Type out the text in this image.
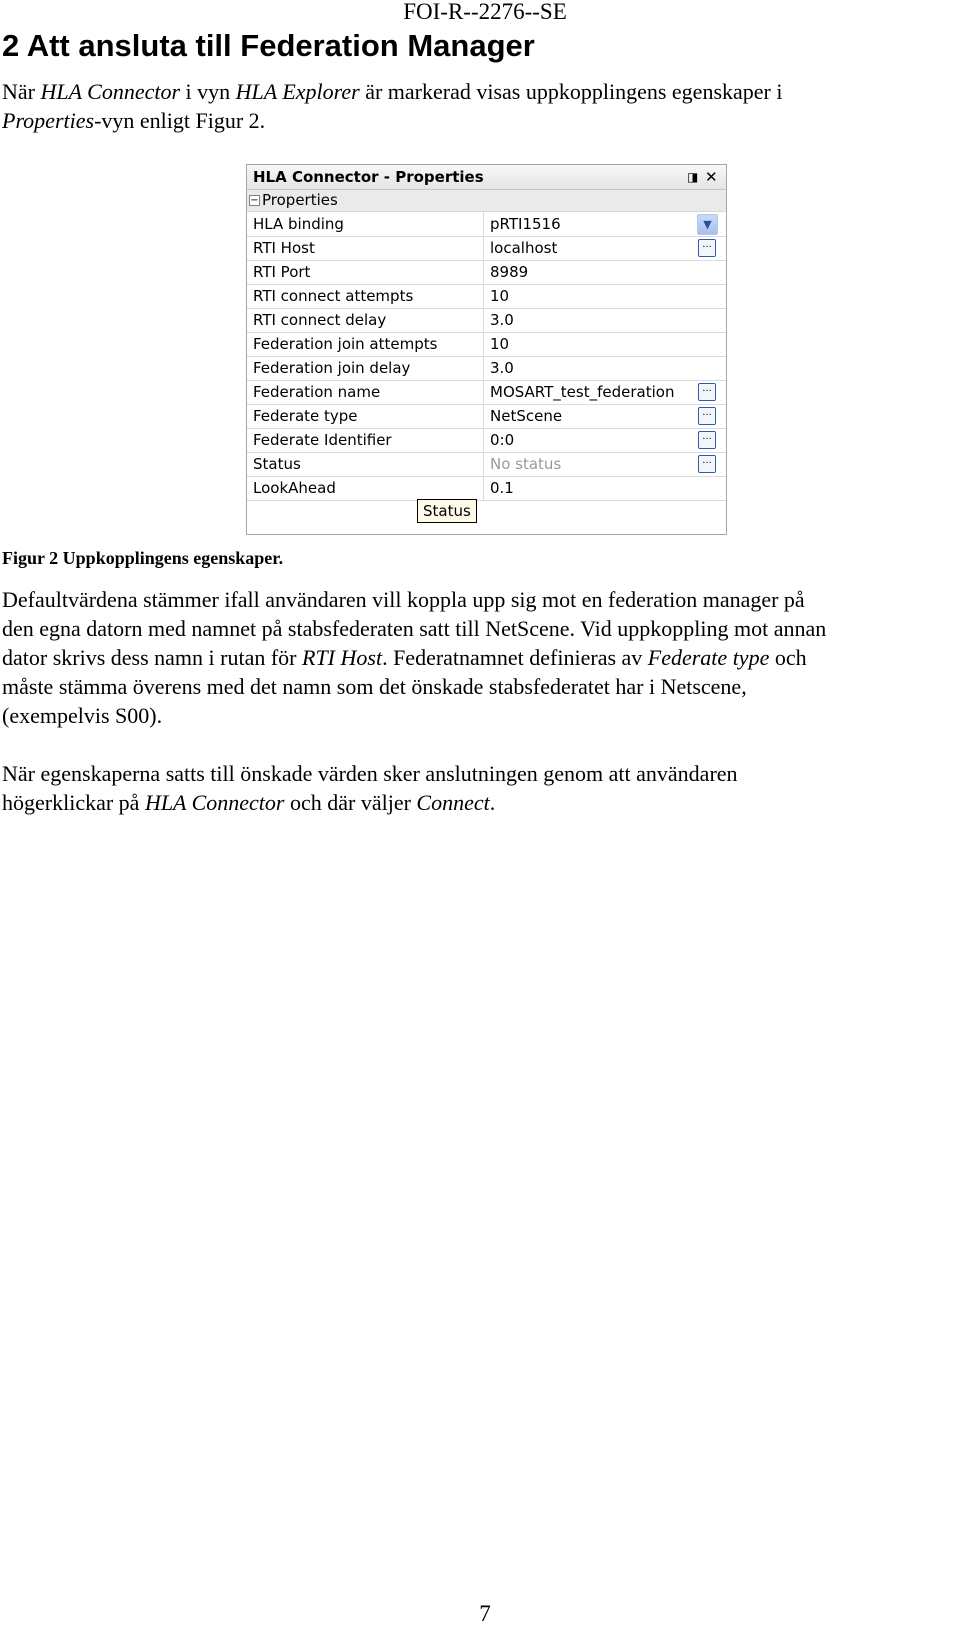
FOI-R--2276--SE
2 Att ansluta till Federation Manager
När HLA Connector i vyn HLA Explorer är markerad visas uppkopplingens egenskaper i
Properties-vyn enligt Figur 2.
HLA Connector - Properties	◨ ✕
− Properties
HLA binding	pRTI1516	▼
RTI Host	localhost	...
RTI Port	8989
RTI connect attempts	10
RTI connect delay	3.0
Federation join attempts	10
Federation join delay	3.0
Federation name	MOSART_test_federation	...
Federate type	NetScene	...
Federate Identifier	0:0	...
Status	No status	...
LookAhead	0.1
Status
Figur 2 Uppkopplingens egenskaper.
Defaultvärdena stämmer ifall användaren vill koppla upp sig mot en federation manager på
den egna datorn med namnet på stabsfederaten satt till NetScene. Vid uppkoppling mot annan
dator skrivs dess namn i rutan för RTI Host. Federatnamnet definieras av Federate type och
måste stämma överens med det namn som det önskade stabsfederatet har i Netscene,
(exempelvis S00).
När egenskaperna satts till önskade värden sker anslutningen genom att användaren
högerklickar på HLA Connector och där väljer Connect.
7
